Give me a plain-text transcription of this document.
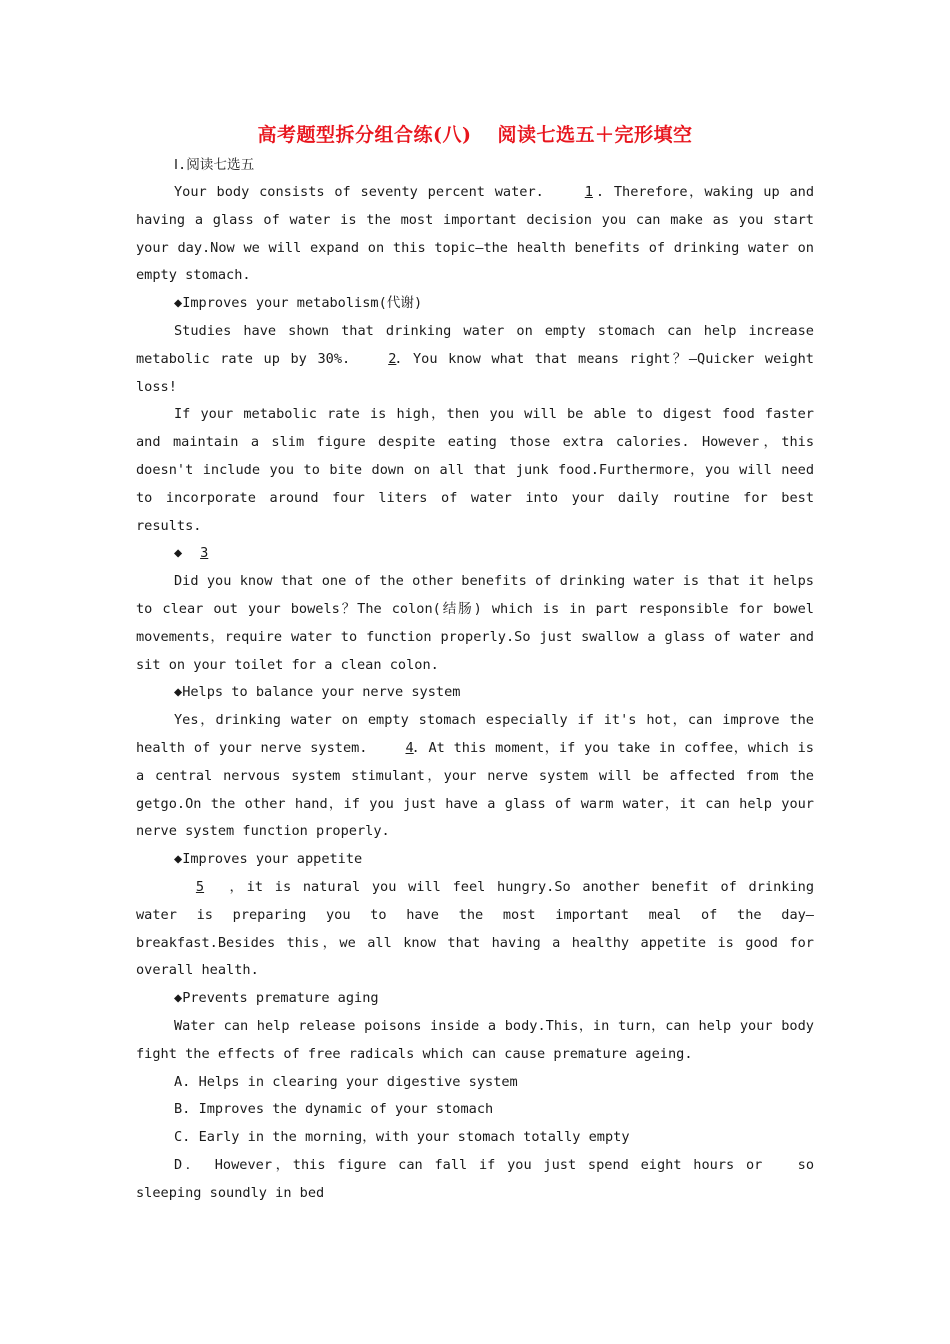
高考题型拆分组合练(八) 阅读七选五＋完形填空
Ⅰ.阅读七选五

Your body consists of seventy percent water.	1 . Therefore，waking up and having a glass of water is the most important decision you can make as you start your day.Now we will expand on this topic—the health benefits of drinking water on empty stomach.

◆Improves your metabolism(代谢)

Studies have shown that drinking water on empty stomach can help increase metabolic rate up by 30%.	2. You know what that means right？—Quicker weight loss!

If your metabolic rate is high，then you will be able to digest food faster and maintain a slim figure despite eating those extra calories. However，this doesn't include you to bite down on all that junk food.Furthermore，you will need to incorporate around four liters of water into your daily routine for best results.

◆ 3

Did you know that one of the other benefits of drinking water is that it helps to clear out your bowels？The colon(结肠) which is in part responsible for bowel movements，require water to function properly.So just swallow a glass of water and sit on your toilet for a clean colon.

◆Helps to balance your nerve system

Yes，drinking water on empty stomach especially if it's hot，can improve the health of your nerve system.	4. At this moment，if you take in coffee，which is a central nervous system stimulant，your nerve system will be affected from the getgo.On the other hand，if you just have a glass of warm water，it can help your nerve system function properly.

◆Improves your appetite

5 ，it is natural you will feel hungry.So another benefit of drinking water is preparing you to have the most important meal of the day—breakfast.Besides this，we all know that having a healthy appetite is good for overall health.

◆Prevents premature aging

Water can help release poisons inside a body.This，in turn，can help your body fight the effects of free radicals which can cause premature ageing.

A. Helps in clearing your digestive system
B. Improves the dynamic of your stomach
C. Early in the morning，with your stomach totally empty

D． However，this figure can fall if you just spend eight hours or   so sleeping soundly in bed
